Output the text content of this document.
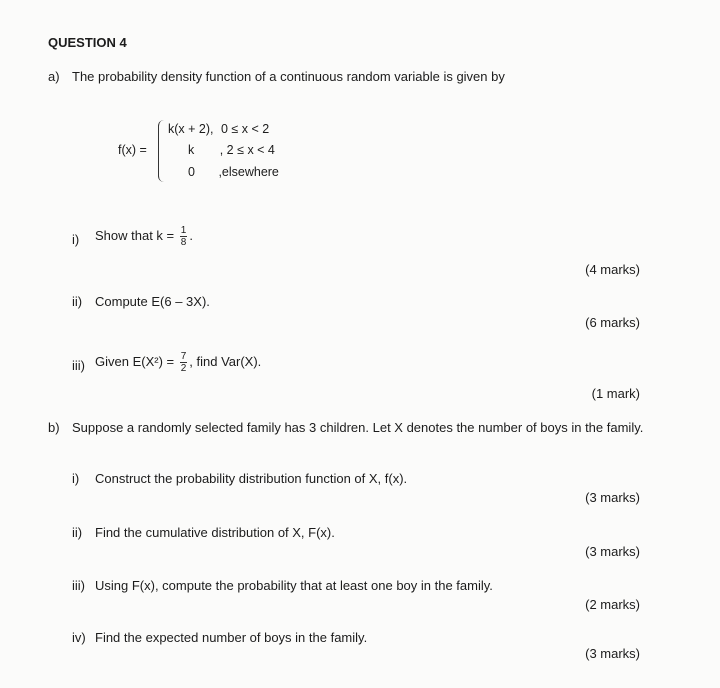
QUESTION 4
a) The probability density function of a continuous random variable is given by
f(x) =
k(x + 2), 0 ≤ x < 2
k , 2 ≤ x < 4
0 ,elsewhere
i) Show that $k = \frac{1}{8}$ .
(4 marks)
ii) Compute E(6 – 3X).
(6 marks)
iii) Given $E(X^2) = \frac{7}{2}$ , find Var(X).
(1 mark)
b) Suppose a randomly selected family has 3 children. Let X denotes the number of boys in the family.
i) Construct the probability distribution function of X, f(x).
(3 marks)
ii) Find the cumulative distribution of X, F(x).
(3 marks)
iii) Using F(x), compute the probability that at least one boy in the family.
(2 marks)
iv) Find the expected number of boys in the family.
(3 marks)
